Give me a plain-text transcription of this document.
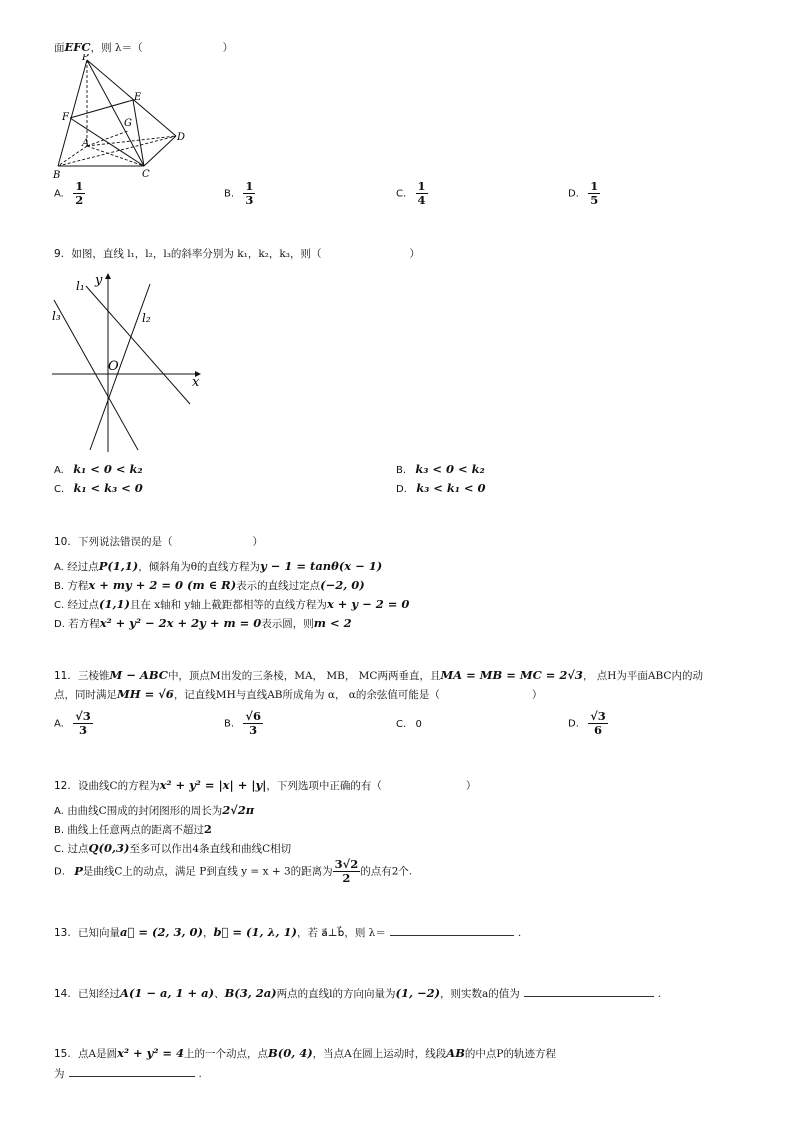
面EFC，则 λ＝（	）
P
E
F
G
A
D
B	C
A. $\frac{1}{2}$	B. $\frac{1}{3}$	C. $\frac{1}{4}$	D. $\frac{1}{5}$
9. 如图，直线 l₁，l₂，l₃的斜率分别为 k₁，k₂，k₃，则（	）
y
x
O
l₁
l₂
l₃
A. k₁ < 0 < k₂	B. k₃ < 0 < k₂
C. k₁ < k₃ < 0	D. k₃ < k₁ < 0
10. 下列说法错误的是（	）
A. 经过点P(1,1)，倾斜角为θ的直线方程为y − 1 = tanθ(x − 1)
B. 方程x + my + 2 = 0 (m ∈ R)表示的直线过定点(−2, 0)
C. 经过点(1,1)且在 x轴和 y轴上截距都相等的直线方程为x + y − 2 = 0
D. 若方程x² + y² − 2x + 2y + m = 0表示圆，则m < 2
11. 三棱锥M − ABC中，顶点M出发的三条棱，MA， MB， MC两两垂直，且MA = MB = MC = 2√3， 点H为平面ABC内的动
点，同时满足MH = √6，记直线MH与直线AB所成角为 α， α的余弦值可能是（	）
A. $\frac{√3}{3}$	B. $\frac{√6}{3}$	C. 0	D. $\frac{√3}{6}$
12. 设曲线C的方程为x² + y² = |x| + |y|，下列选项中正确的有（	）
A. 由曲线C围成的封闭图形的周长为2√2π
B. 曲线上任意两点的距离不超过2
C. 过点Q(0,3)至多可以作出4条直线和曲线C相切
D. P是曲线C上的动点，满足 P到直线 y = x + 3的距离为 $\frac{3√2}{2}$ 的点有2个.
13. 已知向量a⃗ = (2, 3, 0)，b⃗ = (1, λ, 1)，若 a⃗⊥b⃗，则 λ＝	.
14. 已知经过A(1 − a, 1 + a)、B(3, 2a)两点的直线l的方向向量为(1, −2)，则实数a的值为	.
15. 点A是圆x² + y² = 4上的一个动点，点B(0, 4)，当点A在圆上运动时，线段AB的中点P的轨迹方程
为	.
